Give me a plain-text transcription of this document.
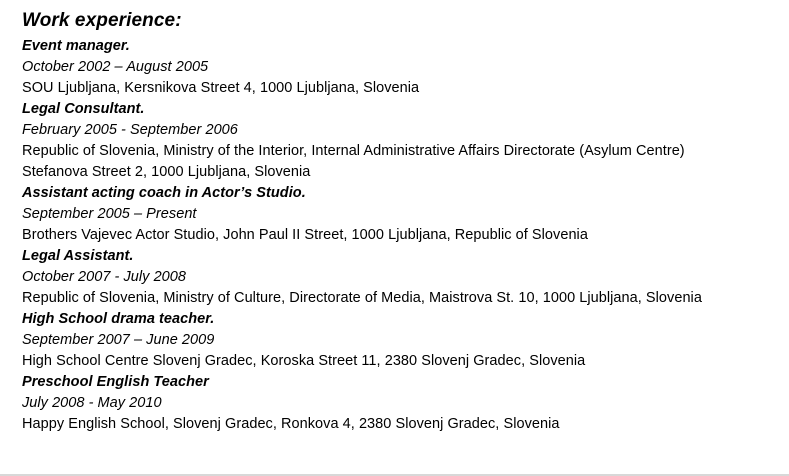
Work experience:
Event manager.
October 2002 – August 2005
SOU Ljubljana, Kersnikova Street 4, 1000 Ljubljana, Slovenia
Legal Consultant.
February 2005 - September 2006
Republic of Slovenia, Ministry of the Interior, Internal Administrative Affairs Directorate (Asylum Centre)
Stefanova Street 2, 1000 Ljubljana, Slovenia
Assistant acting coach in Actor’s Studio.
September 2005 – Present
Brothers Vajevec Actor Studio, John Paul II Street, 1000 Ljubljana, Republic of Slovenia
Legal Assistant.
October 2007 - July 2008
Republic of Slovenia, Ministry of Culture, Directorate of Media, Maistrova St. 10, 1000 Ljubljana, Slovenia
High School drama teacher.
September 2007 – June 2009
High School Centre Slovenj Gradec, Koroska Street 11, 2380 Slovenj Gradec, Slovenia
Preschool English Teacher
July 2008 - May 2010
Happy English School, Slovenj Gradec, Ronkova 4, 2380 Slovenj Gradec, Slovenia
